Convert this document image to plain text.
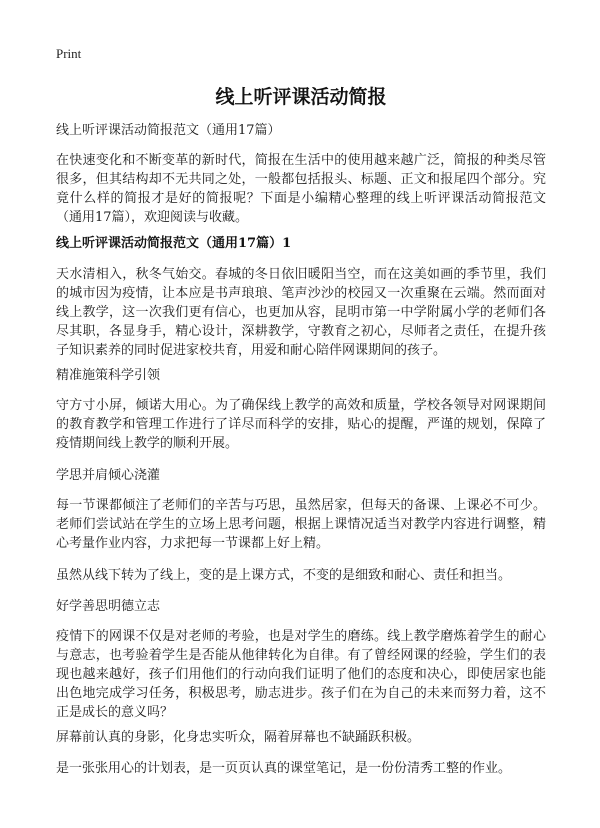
Print
线上听评课活动简报

线上听评课活动简报范文（通用17篇）

在快速变化和不断变革的新时代，简报在生活中的使用越来越广泛，简报的种类尽管很多，但其结构却不无共同之处，一般都包括报头、标题、正文和报尾四个部分。究竟什么样的简报才是好的简报呢？下面是小编精心整理的线上听评课活动简报范文（通用17篇），欢迎阅读与收藏。

线上听评课活动简报范文（通用17篇）1

天水清相入，秋冬气始交。春城的冬日依旧暖阳当空，而在这美如画的季节里，我们的城市因为疫情，让本应是书声琅琅、笔声沙沙的校园又一次重聚在云端。然而面对线上教学，这一次我们更有信心，也更加从容，昆明市第一中学附属小学的老师们各尽其职，各显身手，精心设计，深耕教学，守教育之初心，尽师者之责任，在提升孩子知识素养的同时促进家校共育，用爱和耐心陪伴网课期间的孩子。

精准施策科学引领

守方寸小屏，倾诺大用心。为了确保线上教学的高效和质量，学校各领导对网课期间的教育教学和管理工作进行了详尽而科学的安排，贴心的提醒，严谨的规划，保障了疫情期间线上教学的顺利开展。

学思并肩倾心浇灌

每一节课都倾注了老师们的辛苦与巧思，虽然居家，但每天的备课、上课必不可少。老师们尝试站在学生的立场上思考问题，根据上课情况适当对教学内容进行调整，精心考量作业内容，力求把每一节课都上好上精。

虽然从线下转为了线上，变的是上课方式，不变的是细致和耐心、责任和担当。

好学善思明德立志

疫情下的网课不仅是对老师的考验，也是对学生的磨练。线上教学磨炼着学生的耐心与意志，也考验着学生是否能从他律转化为自律。有了曾经网课的经验，学生们的表现也越来越好，孩子们用他们的行动向我们证明了他们的态度和决心，即使居家也能出色地完成学习任务，积极思考，励志进步。孩子们在为自己的未来而努力着，这不正是成长的意义吗？

屏幕前认真的身影，化身忠实听众，隔着屏幕也不缺踊跃积极。

是一张张用心的计划表，是一页页认真的课堂笔记，是一份份清秀工整的作业。
